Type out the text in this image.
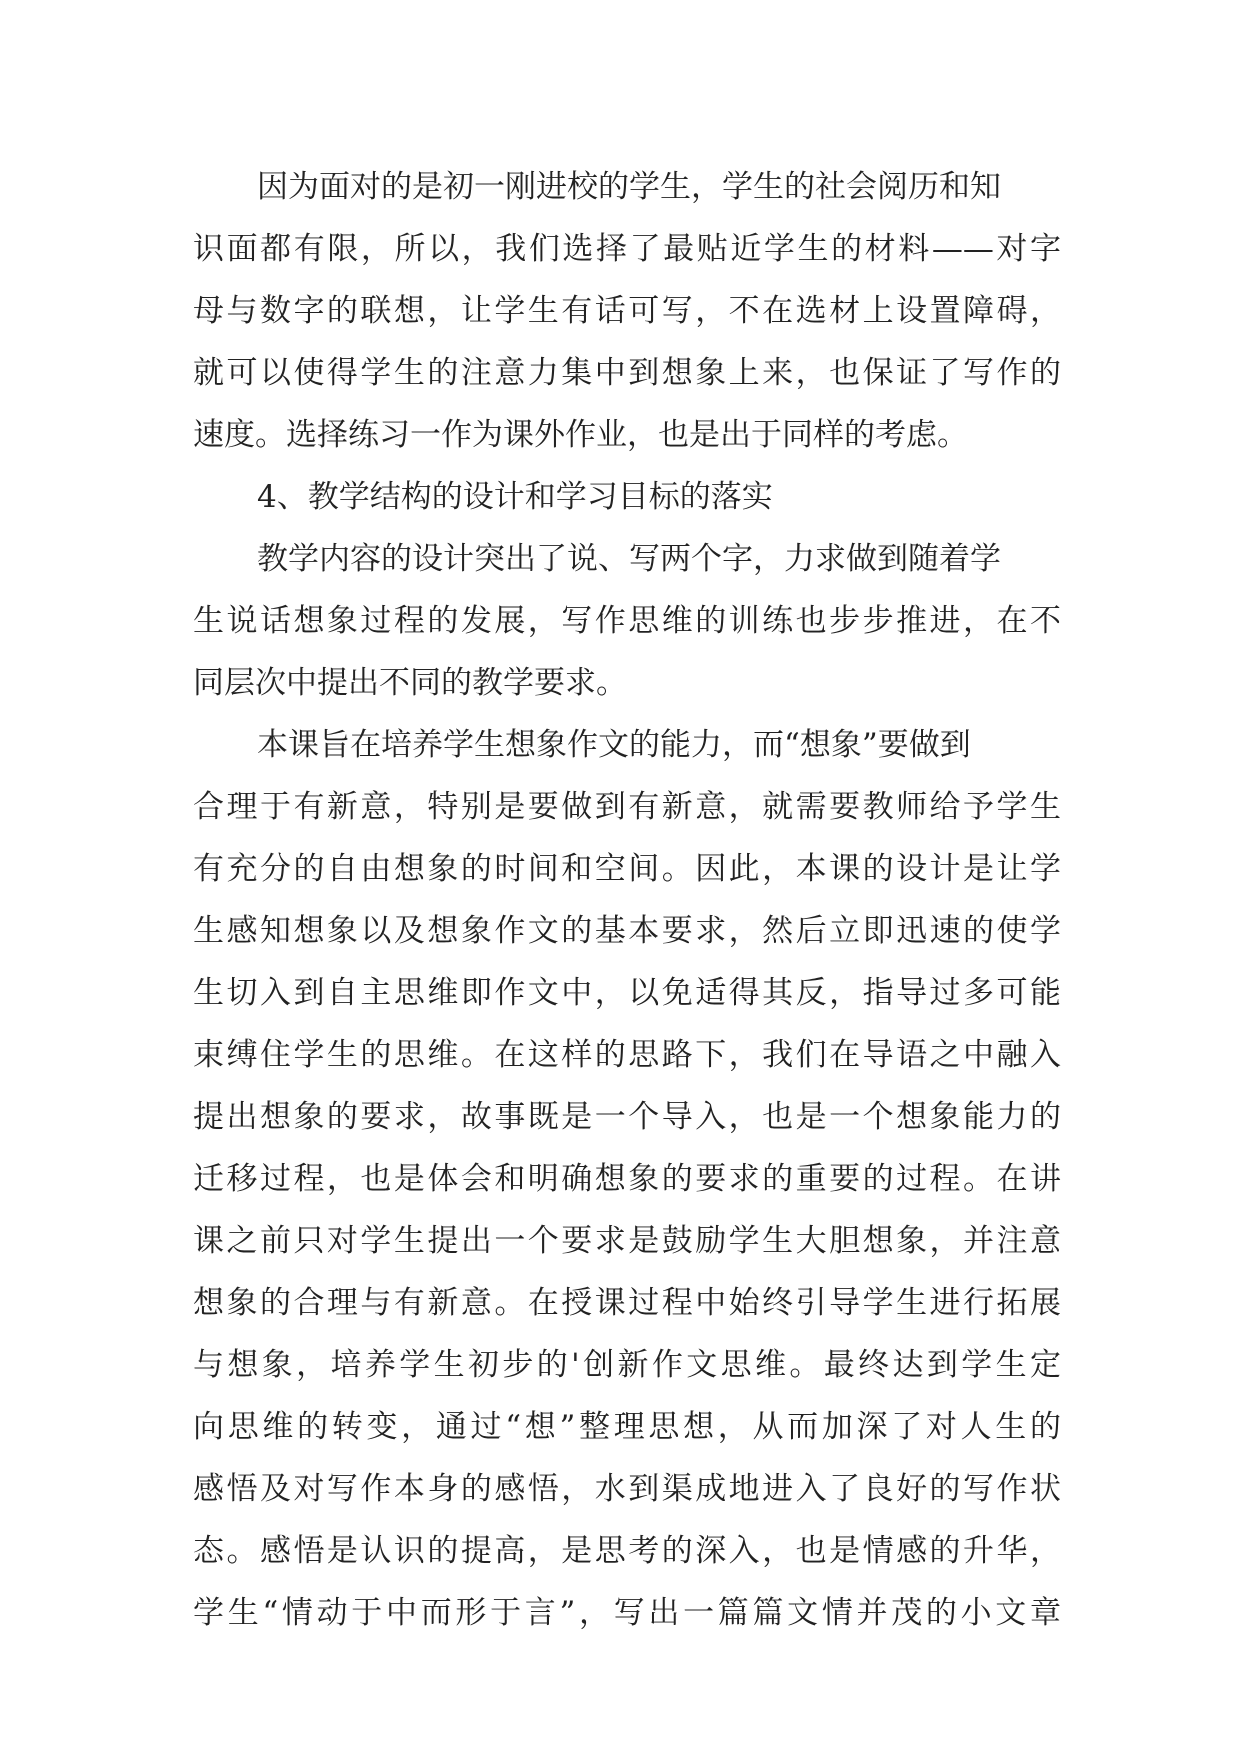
因为面对的是初一刚进校的学生，学生的社会阅历和知
识面都有限，所以，我们选择了最贴近学生的材料——对字
母与数字的联想，让学生有话可写，不在选材上设置障碍，
就可以使得学生的注意力集中到想象上来，也保证了写作的
速度。选择练习一作为课外作业，也是出于同样的考虑。
4、教学结构的设计和学习目标的落实
教学内容的设计突出了说、写两个字，力求做到随着学
生说话想象过程的发展，写作思维的训练也步步推进，在不
同层次中提出不同的教学要求。
本课旨在培养学生想象作文的能力，而“想象”要做到
合理于有新意，特别是要做到有新意，就需要教师给予学生
有充分的自由想象的时间和空间。因此，本课的设计是让学
生感知想象以及想象作文的基本要求，然后立即迅速的使学
生切入到自主思维即作文中，以免适得其反，指导过多可能
束缚住学生的思维。在这样的思路下，我们在导语之中融入
提出想象的要求，故事既是一个导入，也是一个想象能力的
迁移过程，也是体会和明确想象的要求的重要的过程。在讲
课之前只对学生提出一个要求是鼓励学生大胆想象，并注意
想象的合理与有新意。在授课过程中始终引导学生进行拓展
与想象，培养学生初步的'创新作文思维。最终达到学生定
向思维的转变，通过“想”整理思想，从而加深了对人生的
感悟及对写作本身的感悟，水到渠成地进入了良好的写作状
态。感悟是认识的提高，是思考的深入，也是情感的升华，
学生“情动于中而形于言”，写出一篇篇文情并茂的小文章
